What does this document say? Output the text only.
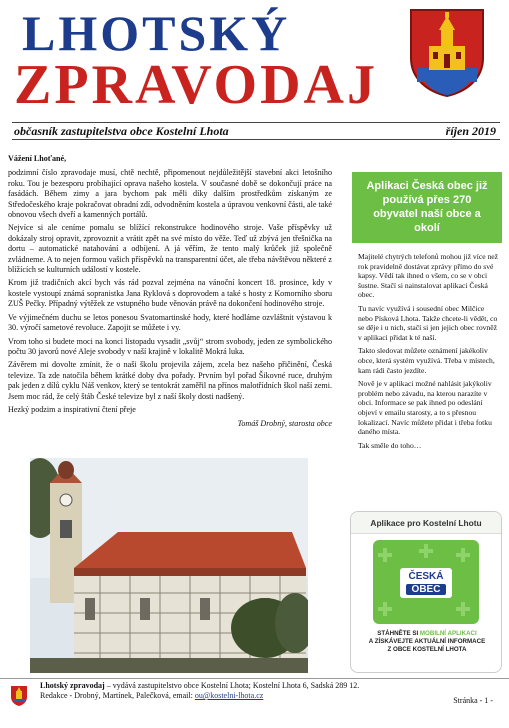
LHOTSKÝ
ZPRAVODAJ
občasník zastupitelstva obce Kostelní Lhota	říjen 2019

Vážení Lhoťané,

podzimní číslo zpravodaje musí, chtě nechtě, připomenout nejdůležitější stavební akci letošního roku. Tou je bezesporu probíhající oprava našeho kostela. V současné době se dokončují práce na fasádách. Během zimy a jara bychom pak měli díky dalším prostředkům získaným ze Středočeského kraje pokračovat obradní zdí, odvodněním kostela a úpravou venkovní části, ale také obnovou všech dveří a kamenných portálů.

Nejvíce si ale ceníme pomalu se blížící rekonstrukce hodinového stroje. Vaše příspěvky už dokázaly stroj opravit, zprovoznit a vrátit zpět na své místo do věže. Teď už zbývá jen třešnička na dortu – automatické natahování a odbíjení. A já věřím, že tento malý krůček již společně zvládneme. A to nejen formou vašich příspěvků na transparentní účet, ale třeba návštěvou některé z blížících se kulturních událostí v kostele.

Krom již tradičních akcí bych vás rád pozval zejména na vánoční koncert 18. prosince, kdy v kostele vystoupí známá sopranistka Jana Ryklová s doprovodem a také s hosty z Komorního sboru ZUŠ Pečky. Případný výtěžek ze vstupného bude věnován právě na dokončení hodinového stroje.

Ve výjimečném duchu se letos ponesou Svatomartinské hody, které hodláme ozvláštnit výstavou k 30. výročí sametové revoluce. Zapojit se můžete i vy.

Vrom toho si budete moci na konci listopadu vysadit „svůj“ strom svobody, jeden ze symbolického počtu 30 javorů nové Aleje svobody v naší krajině v lokalitě Mokrá luka.

Závěrem mi dovolte zmínit, že o naši školu projevila zájem, zcela bez našeho přičinění, Česká televize. Ta zde natočila během krátké doby dva pořady. Prvním byl pořad Šikovné ruce, druhým pak jeden z dílů cyklu Náš venkov, který se tentokrát zaměřil na přínos malotřídních škol naší zemi. Jsem moc rád, že celý štáb České televize byl z naší školy dosti nadšený.

Hezký podzim a inspirativní čtení přeje

Tomáš Drobný, starosta obce

Aplikaci Česká obec již
používá přes 270
obyvatel naší obce a
okolí

Majitelé chytrých telefonů mohou již více než rok pravidelně dostávat zprávy přímo do své kapsy. Vědí tak ihned o všem, co se v obci šustne. Stačí si nainstalovat aplikaci Česká obec.

Tu navíc využívá i sousední obec Milčice nebo Písková Lhota. Takže chcete-li vědět, co se děje i u nich, stačí si jen jejich obec rovněž v aplikaci přidat k té naší.

Takto sledovat můžete oznámení jakékoliv obce, která systém využívá. Třeba v místech, kam rádi často jezdíte.

Nově je v aplikaci možné nahlásit jakýkoliv problém nebo závadu, na kterou narazíte v obci. Informace se pak ihned po odeslání objeví v emailu starosty, a to s přesnou lokalizací. Navíc můžete přidat i třeba fotku daného místa.

Tak směle do toho…

Aplikace pro Kostelní Lhotu
ČESKÁ
OBEC
STÁHNĚTE SI MOBILNÍ APLIKACI
A ZÍSKÁVEJTE AKTUÁLNÍ INFORMACE
Z OBCE KOSTELNÍ LHOTA
Lhotský zpravodaj – vydává zastupitelstvo obce Kostelní Lhota; Kostelní Lhota 6, Sadská 289 12.
Redakce - Drobný, Martínek, Palečková, email: ou@kostelni-lhota.cz
Stránka - 1 -
